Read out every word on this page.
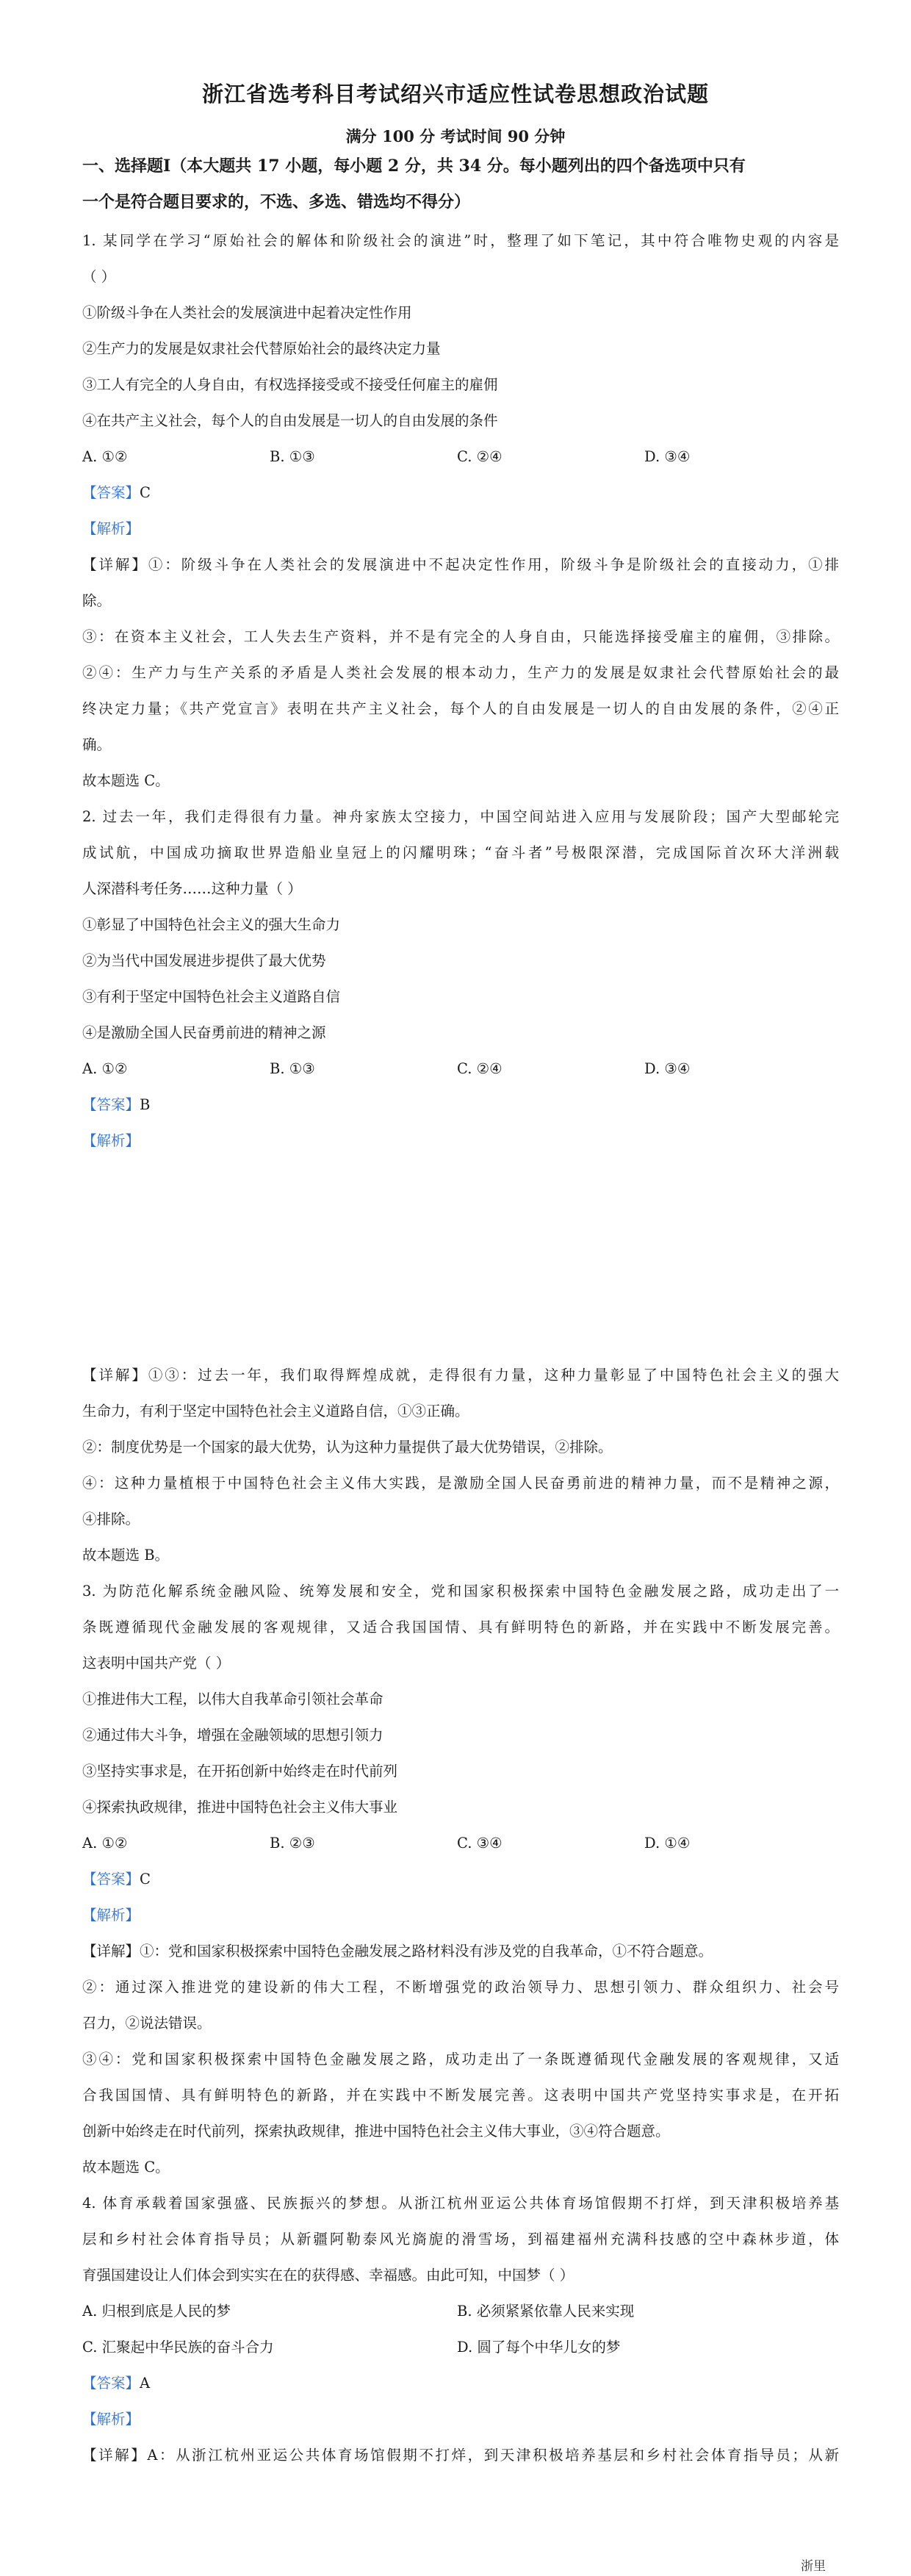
浙江省选考科目考试绍兴市适应性试卷思想政治试题
满分 100 分 考试时间 90 分钟
一、选择题Ⅰ（本大题共 17 小题，每小题 2 分，共 34 分。每小题列出的四个备选项中只有
一个是符合题目要求的，不选、多选、错选均不得分）
1. 某同学在学习“原始社会的解体和阶级社会的演进”时，整理了如下笔记，其中符合唯物史观的内容是
（ ）
①阶级斗争在人类社会的发展演进中起着决定性作用
②生产力的发展是奴隶社会代替原始社会的最终决定力量
③工人有完全的人身自由，有权选择接受或不接受任何雇主的雇佣
④在共产主义社会，每个人的自由发展是一切人的自由发展的条件
A. ①②	B. ①③	C. ②④	D. ③④
【答案】C
【解析】
【详解】①：阶级斗争在人类社会的发展演进中不起决定性作用，阶级斗争是阶级社会的直接动力，①排
除。
③：在资本主义社会，工人失去生产资料，并不是有完全的人身自由，只能选择接受雇主的雇佣，③排除。
②④：生产力与生产关系的矛盾是人类社会发展的根本动力，生产力的发展是奴隶社会代替原始社会的最
终决定力量；《共产党宣言》表明在共产主义社会，每个人的自由发展是一切人的自由发展的条件，②④正
确。
故本题选 C。
2. 过去一年，我们走得很有力量。神舟家族太空接力，中国空间站进入应用与发展阶段；国产大型邮轮完
成试航，中国成功摘取世界造船业皇冠上的闪耀明珠；“奋斗者”号极限深潜，完成国际首次环大洋洲载
人深潜科考任务……这种力量（ ）
①彰显了中国特色社会主义的强大生命力
②为当代中国发展进步提供了最大优势
③有利于坚定中国特色社会主义道路自信
④是激励全国人民奋勇前进的精神之源
A. ①②	B. ①③	C. ②④	D. ③④
【答案】B
【解析】
【详解】①③：过去一年，我们取得辉煌成就，走得很有力量，这种力量彰显了中国特色社会主义的强大
生命力，有利于坚定中国特色社会主义道路自信，①③正确。
②：制度优势是一个国家的最大优势，认为这种力量提供了最大优势错误，②排除。
④：这种力量植根于中国特色社会主义伟大实践，是激励全国人民奋勇前进的精神力量，而不是精神之源，
④排除。
故本题选 B。
3. 为防范化解系统金融风险、统筹发展和安全，党和国家积极探索中国特色金融发展之路，成功走出了一
条既遵循现代金融发展的客观规律，又适合我国国情、具有鲜明特色的新路，并在实践中不断发展完善。
这表明中国共产党（ ）
①推进伟大工程，以伟大自我革命引领社会革命
②通过伟大斗争，增强在金融领域的思想引领力
③坚持实事求是，在开拓创新中始终走在时代前列
④探索执政规律，推进中国特色社会主义伟大事业
A. ①②	B. ②③	C. ③④	D. ①④
【答案】C
【解析】
【详解】①：党和国家积极探索中国特色金融发展之路材料没有涉及党的自我革命，①不符合题意。
②：通过深入推进党的建设新的伟大工程，不断增强党的政治领导力、思想引领力、群众组织力、社会号
召力，②说法错误。
③④：党和国家积极探索中国特色金融发展之路，成功走出了一条既遵循现代金融发展的客观规律，又适
合我国国情、具有鲜明特色的新路，并在实践中不断发展完善。这表明中国共产党坚持实事求是，在开拓
创新中始终走在时代前列，探索执政规律，推进中国特色社会主义伟大事业，③④符合题意。
故本题选 C。
4. 体育承载着国家强盛、民族振兴的梦想。从浙江杭州亚运公共体育场馆假期不打烊，到天津积极培养基
层和乡村社会体育指导员；从新疆阿勒泰风光旖旎的滑雪场，到福建福州充满科技感的空中森林步道，体
育强国建设让人们体会到实实在在的获得感、幸福感。由此可知，中国梦（ ）
A. 归根到底是人民的梦	B. 必须紧紧依靠人民来实现
C. 汇聚起中华民族的奋斗合力	D. 圆了每个中华儿女的梦
【答案】A
【解析】
【详解】A：从浙江杭州亚运公共体育场馆假期不打烊，到天津积极培养基层和乡村社会体育指导员；从新
浙里
